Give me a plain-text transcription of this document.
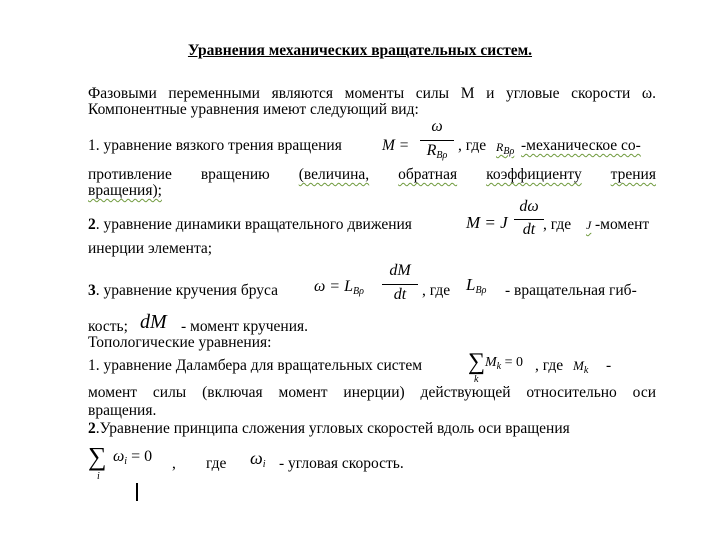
Уравнения механических вращательных систем.
Фазовыми переменными являются моменты силы М и угловые скорости ω.
Компонентные уравнения имеют следующий вид:
1. уравнение вязкого трения вращения	M =
ω
$R_{B\rho}$
, где $R_{B\rho}$ -механическое со-
противление вращению (величина, обратная коэффициенту трения
вращения);
2. уравнение динамики вращательного движения	M = J
dω
dt , где J -момент
инерции элемента;
3. уравнение кручения бруса $\omega = L_{B\rho}$
dM
dt	, где $L_{B\rho}$ - вращательная гиб-
кость; dM - момент кручения.
Топологические уравнения:
1. уравнение Даламбера для вращательных систем ∑ $M_k = 0$
k
, где $M_k$ -
момент силы (включая момент инерции) действующей относительно оси
вращения.
2.Уравнение принципа сложения угловых скоростей вдоль оси вращения
∑ $\omega_i = 0$
i
, где $\omega_i$ - угловая скорость.
